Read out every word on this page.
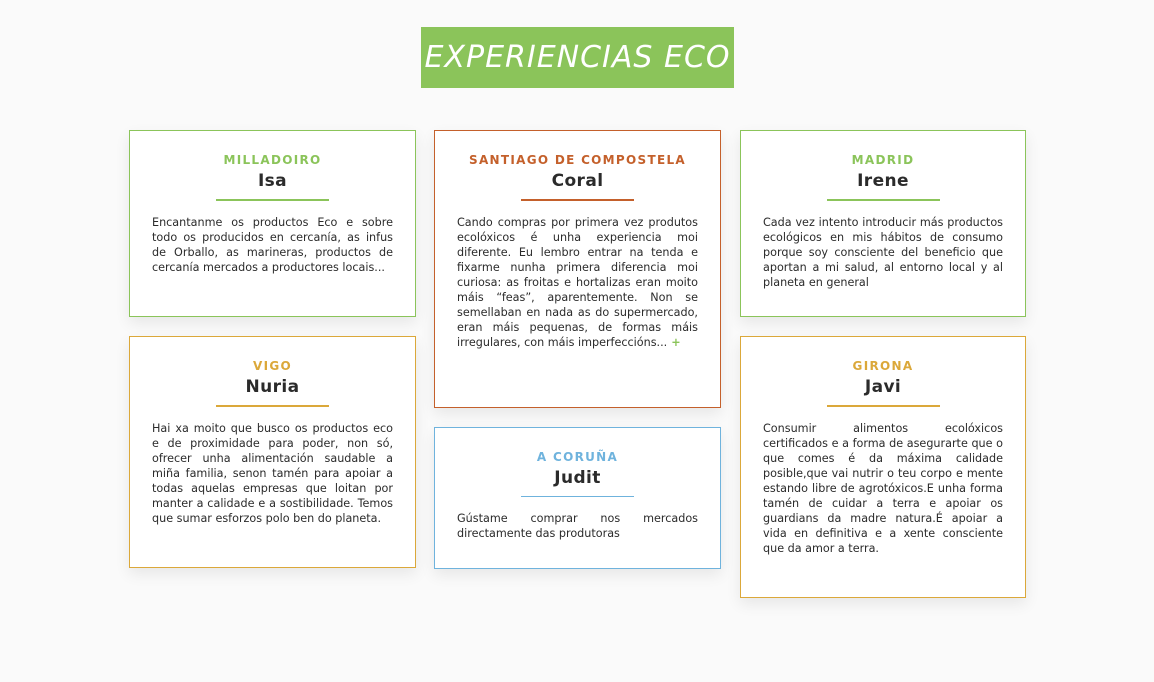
EXPERIENCIAS ECO
MILLADOIRO
Isa
Encantanme os productos Eco e sobre todo os producidos en cercanía, as infus de Orballo, as marineras, productos de cercanía mercados a productores locais...
SANTIAGO DE COMPOSTELA
Coral
Cando compras por primera vez produtos ecolóxicos é unha experiencia moi diferente. Eu lembro entrar na tenda e fixarme nunha primera diferencia moi curiosa: as froitas e hortalizas eran moito máis “feas”, aparentemente. Non se semellaban en nada as do supermercado, eran máis pequenas, de formas máis irregulares, con máis imperfeccións... +
MADRID
Irene
Cada vez intento introducir más productos ecológicos en mis hábitos de consumo porque soy consciente del beneficio que aportan a mi salud, al entorno local y al planeta en general
VIGO
Nuria
Hai xa moito que busco os productos eco e de proximidade para poder, non só, ofrecer unha alimentación saudable a miña familia, senon tamén para apoiar a todas aquelas empresas que loitan por manter a calidade e a sostibilidade. Temos que sumar esforzos polo ben do planeta.
A CORUÑA
Judit
Gústame comprar nos mercados directamente das produtoras
GIRONA
Javi
Consumir alimentos ecolóxicos certificados e a forma de asegurarte que o que comes é da máxima calidade posible,que vai nutrir o teu corpo e mente estando libre de agrotóxicos.E unha forma tamén de cuidar a terra e apoiar os guardians da madre natura.É apoiar a vida en definitiva e a xente consciente que da amor a terra.
